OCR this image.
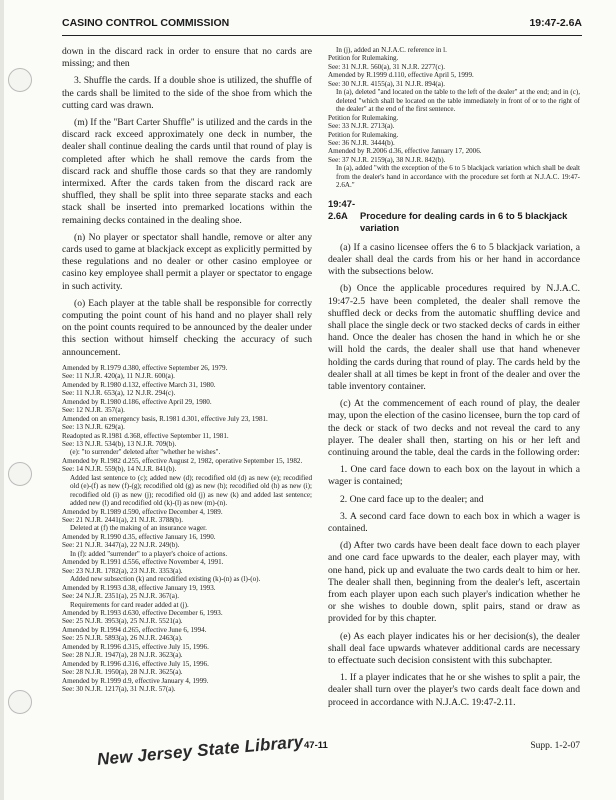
CASINO CONTROL COMMISSION	19:47-2.6A

down in the discard rack in order to ensure that no cards are missing; and then

3. Shuffle the cards. If a double shoe is utilized, the shuffle of the cards shall be limited to the side of the shoe from which the cutting card was drawn.

(m) If the "Bart Carter Shuffle" is utilized and the cards in the discard rack exceed approximately one deck in number, the dealer shall continue dealing the cards until that round of play is completed after which he shall remove the cards from the discard rack and shuffle those cards so that they are randomly intermixed. After the cards taken from the discard rack are shuffled, they shall be split into three separate stacks and each stack shall be inserted into premarked locations within the remaining decks contained in the dealing shoe.

(n) No player or spectator shall handle, remove or alter any cards used to game at blackjack except as explicitly permitted by these regulations and no dealer or other casino employee or casino key employee shall permit a player or spectator to engage in such activity.

(o) Each player at the table shall be responsible for correctly computing the point count of his hand and no player shall rely on the point counts required to be announced by the dealer under this section without himself checking the accuracy of such announcement.

Amended by R.1979 d.380, effective September 26, 1979.

See: 11 N.J.R. 420(a), 11 N.J.R. 600(a).

Amended by R.1980 d.132, effective March 31, 1980.

See: 11 N.J.R. 653(a), 12 N.J.R. 294(c).

Amended by R.1980 d.186, effective April 29, 1980.

See: 12 N.J.R. 357(a).

Amended on an emergency basis, R.1981 d.301, effective July 23, 1981.

See: 13 N.J.R. 629(a).

Readopted as R.1981 d.368, effective September 11, 1981.

See: 13 N.J.R. 534(b), 13 N.J.R. 709(b).

(e): "to surrender" deleted after "whether he wishes".

Amended by R.1982 d.255, effective August 2, 1982, operative September 15, 1982.

See: 14 N.J.R. 559(b), 14 N.J.R. 841(b).

Added last sentence to (c); added new (d); recodified old (d) as new (e); recodified old (e)-(f) as new (f)-(g); recodified old (g) as new (h); recodified old (h) as new (i); recodified old (i) as new (j); recodified old (j) as new (k) and added last sentence; added new (l) and recodified old (k)-(l) as new (m)-(n).

Amended by R.1989 d.590, effective December 4, 1989.

See: 21 N.J.R. 2441(a), 21 N.J.R. 3788(b).

Deleted at (f) the making of an insurance wager.

Amended by R.1990 d.35, effective January 16, 1990.

See: 21 N.J.R. 3447(a), 22 N.J.R. 249(b).

In (f): added "surrender" to a player's choice of actions.

Amended by R.1991 d.556, effective November 4, 1991.

See: 23 N.J.R. 1782(a), 23 N.J.R. 3353(a).

Added new subsection (k) and recodified existing (k)-(n) as (l)-(o).

Amended by R.1993 d.38, effective January 19, 1993.

See: 24 N.J.R. 2351(a), 25 N.J.R. 367(a).

Requirements for card reader added at (j).

Amended by R.1993 d.630, effective December 6, 1993.

See: 25 N.J.R. 3953(a), 25 N.J.R. 5521(a).

Amended by R.1994 d.265, effective June 6, 1994.

See: 25 N.J.R. 5893(a), 26 N.J.R. 2463(a).

Amended by R.1996 d.315, effective July 15, 1996.

See: 28 N.J.R. 1947(a), 28 N.J.R. 3623(a).

Amended by R.1996 d.316, effective July 15, 1996.

See: 28 N.J.R. 1950(a), 28 N.J.R. 3625(a).

Amended by R.1999 d.9, effective January 4, 1999.

See: 30 N.J.R. 1217(a), 31 N.J.R. 57(a).

In (j), added an N.J.A.C. reference in l.

Petition for Rulemaking.

See: 31 N.J.R. 560(a), 31 N.J.R. 2277(c).

Amended by R.1999 d.110, effective April 5, 1999.

See: 30 N.J.R. 4155(a), 31 N.J.R. 894(a).

In (a), deleted "and located on the table to the left of the dealer" at the end; and in (c), deleted "which shall be located on the table immediately in front of or to the right of the dealer" at the end of the first sentence.

Petition for Rulemaking.

See: 33 N.J.R. 2713(a).

Petition for Rulemaking.

See: 36 N.J.R. 3444(b).

Amended by R.2006 d.36, effective January 17, 2006.

See: 37 N.J.R. 2159(a), 38 N.J.R. 842(b).

In (a), added "with the exception of the 6 to 5 blackjack variation which shall be dealt from the dealer's hand in accordance with the procedure set forth at N.J.A.C. 19:47-2.6A."

19:47-2.6A Procedure for dealing cards in 6 to 5 blackjack variation

(a) If a casino licensee offers the 6 to 5 blackjack variation, a dealer shall deal the cards from his or her hand in accordance with the subsections below.

(b) Once the applicable procedures required by N.J.A.C. 19:47-2.5 have been completed, the dealer shall remove the shuffled deck or decks from the automatic shuffling device and shall place the single deck or two stacked decks of cards in either hand. Once the dealer has chosen the hand in which he or she will hold the cards, the dealer shall use that hand whenever holding the cards during that round of play. The cards held by the dealer shall at all times be kept in front of the dealer and over the table inventory container.

(c) At the commencement of each round of play, the dealer may, upon the election of the casino licensee, burn the top card of the deck or stack of two decks and not reveal the card to any player. The dealer shall then, starting on his or her left and continuing around the table, deal the cards in the following order:

1. One card face down to each box on the layout in which a wager is contained;

2. One card face up to the dealer; and

3. A second card face down to each box in which a wager is contained.

(d) After two cards have been dealt face down to each player and one card face upwards to the dealer, each player may, with one hand, pick up and evaluate the two cards dealt to him or her. The dealer shall then, beginning from the dealer's left, ascertain from each player upon each such player's indication whether he or she wishes to double down, split pairs, stand or draw as provided for by this chapter.

(e) As each player indicates his or her decision(s), the dealer shall deal face upwards whatever additional cards are necessary to effectuate such decision consistent with this subchapter.

1. If a player indicates that he or she wishes to split a pair, the dealer shall turn over the player's two cards dealt face down and proceed in accordance with N.J.A.C. 19:47-2.11.

New Jersey State Library 47-11	Supp. 1-2-07
